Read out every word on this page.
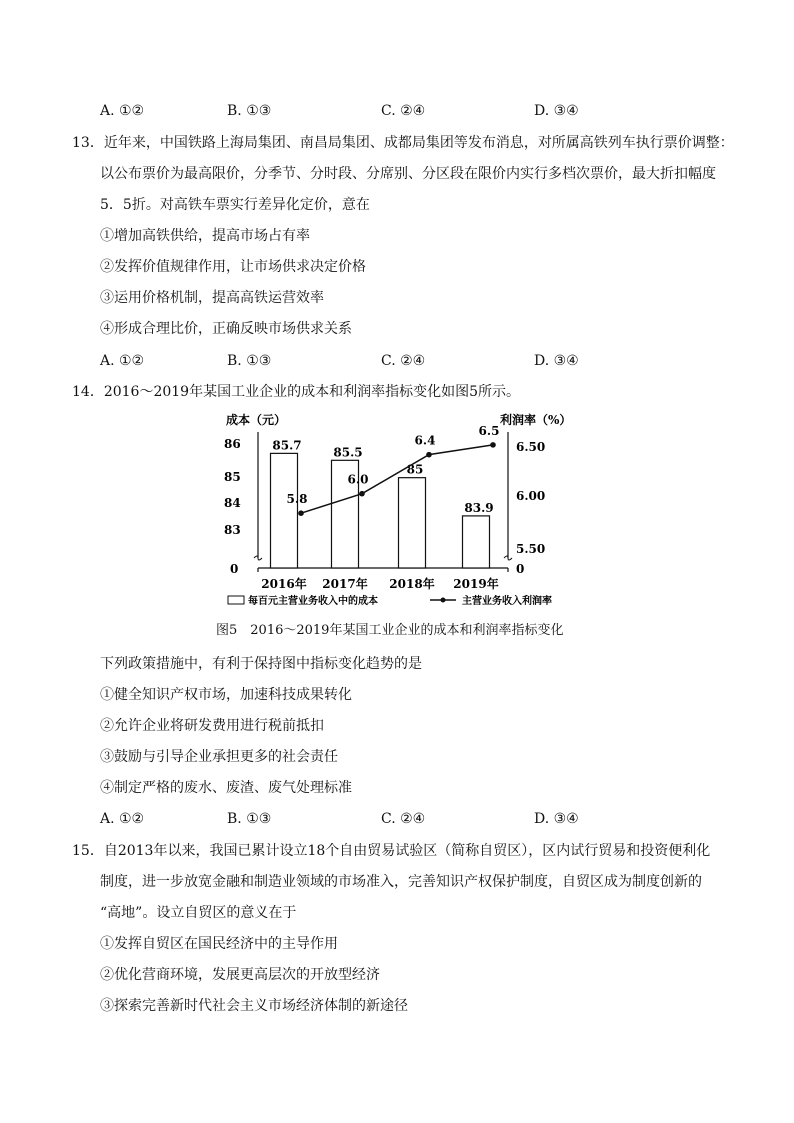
A. ①②	B. ①③	C. ②④	D. ③④
13．近年来，中国铁路上海局集团、南昌局集团、成都局集团等发布消息，对所属高铁列车执行票价调整：
以公布票价为最高限价，分季节、分时段、分席别、分区段在限价内实行多档次票价，最大折扣幅度
5．5折。对高铁车票实行差异化定价，意在
①增加高铁供给，提高市场占有率
②发挥价值规律作用，让市场供求决定价格
③运用价格机制，提高高铁运营效率
④形成合理比价，正确反映市场供求关系
A. ①②	B. ①③	C. ②④	D. ③④
14．2016～2019年某国工业企业的成本和利润率指标变化如图5所示。
成本（元）	利润率（%）
86
85
84
83
0
6.50
6.00
5.50
0
85.7	85.5
85
83.9
5.8
6.0
6.4
6.5
2016年 2017年 2018年 2019年
每百元主营业务收入中的成本	主营业务收入利润率
图5　2016～2019年某国工业企业的成本和利润率指标变化
下列政策措施中，有利于保持图中指标变化趋势的是
①健全知识产权市场，加速科技成果转化
②允许企业将研发费用进行税前抵扣
③鼓励与引导企业承担更多的社会责任
④制定严格的废水、废渣、废气处理标准
A. ①②	B. ①③	C. ②④	D. ③④
15．自2013年以来，我国已累计设立18个自由贸易试验区（简称自贸区），区内试行贸易和投资便利化
制度，进一步放宽金融和制造业领域的市场准入，完善知识产权保护制度，自贸区成为制度创新的
“高地”。设立自贸区的意义在于
①发挥自贸区在国民经济中的主导作用
②优化营商环境，发展更高层次的开放型经济
③探索完善新时代社会主义市场经济体制的新途径
